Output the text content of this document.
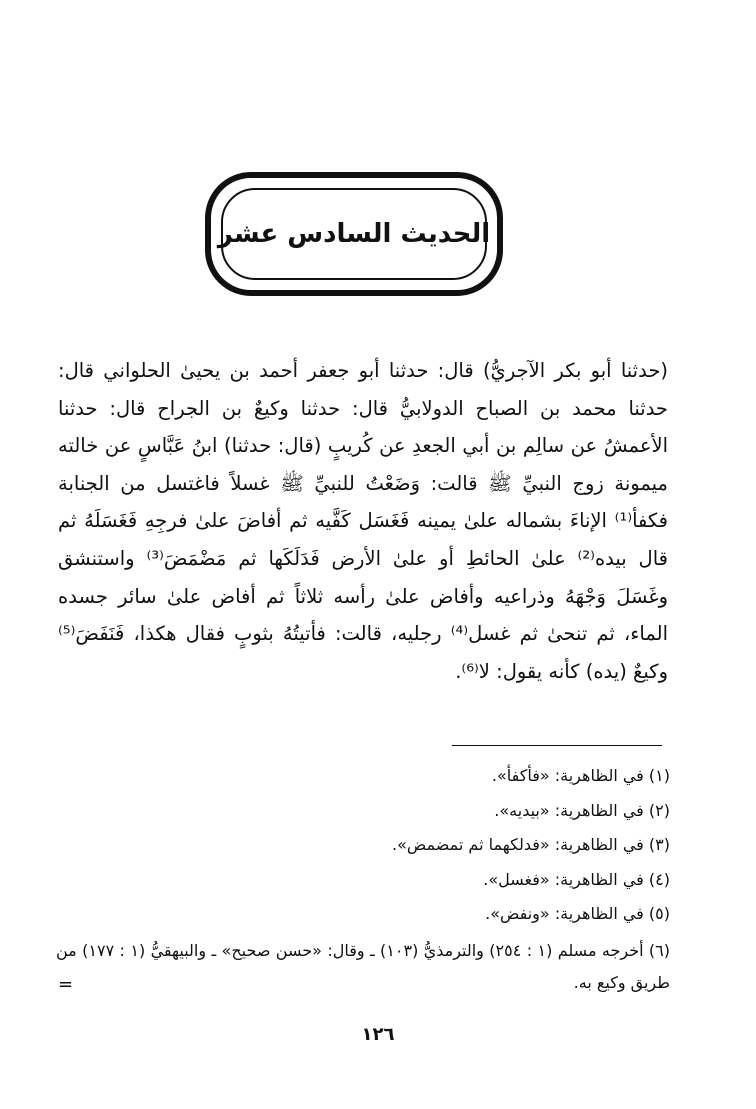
الحديث السادس عشر

(حدثنا أبو بكر الآجريُّ) قال: حدثنا أبو جعفر أحمد بن يحيىٰ الحلواني قال: حدثنا محمد بن الصباح الدولابيُّ قال: حدثنا وكيعٌ بن الجراح قال: حدثنا الأعمشُ عن سالِم بن أبي الجعدِ عن كُريبٍ (قال: حدثنا) ابنُ عَبَّاسٍ عن خالته ميمونة زوج النبيِّ ﷺ قالت: وَضَعْتُ للنبيِّ ﷺ غسلاً فاغتسل من الجنابة فكفأ⁽¹⁾ الإناءَ بشماله علىٰ يمينه فَغَسَل كَفَّيه ثم أفاضَ علىٰ فرجِهِ فَغَسَلَهُ ثم قال بيده⁽²⁾ علىٰ الحائطِ أو علىٰ الأرض فَدَلَكَها ثم مَضْمَضَ⁽³⁾ واستنشق وغَسَلَ وَجْهَهُ وذراعيه وأفاض علىٰ رأسه ثلاثاً ثم أفاض علىٰ سائر جسده الماء، ثم تنحىٰ ثم غسل⁽⁴⁾ رجليه، قالت: فأتيتُهُ بثوبٍ فقال هكذا، فَنَفَضَ⁽⁵⁾ وكيعٌ (يده) كأنه يقول: لا⁽⁶⁾.

(١) في الظاهرية: «فأكفأ».
(٢) في الظاهرية: «بيديه».
(٣) في الظاهرية: «فدلكهما ثم تمضمض».
(٤) في الظاهرية: «فغسل».
(٥) في الظاهرية: «ونفض».
(٦) أخرجه مسلم (١ : ٢٥٤) والترمذيُّ (١٠٣) ـ وقال: «حسن صحيح» ـ والبيهقيُّ (١ : ١٧٧) من طريق وكيع به.
=
١٢٦
